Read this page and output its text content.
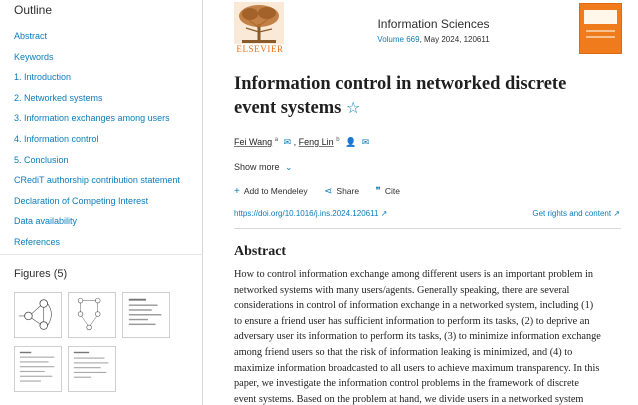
Outline
Abstract
Keywords
1. Introduction
2. Networked systems
3. Information exchanges among users
4. Information control
5. Conclusion
CRediT authorship contribution statement
Declaration of Competing Interest
Data availability
References
Figures (5)
ELSEVIER
Information Sciences
Volume 669, May 2024, 120611
Information control in networked discrete
event systems ☆
Fei Wang $^a$ ✉ , Feng Lin $^b$ 👤 ✉
Show more ⌄
+ Add to Mendeley ⋖ Share ❞ Cite
https://doi.org/10.1016/j.ins.2024.120611 ↗	Get rights and content ↗
Abstract
How to control information exchange among different users is an important problem in
networked systems with many users/agents. Generally speaking, there are several
considerations in control of information exchange in a networked system, including (1)
to ensure a friend user has sufficient information to perform its tasks, (2) to deprive an
adversary user its information to perform its tasks, (3) to minimize information exchange
among friend users so that the risk of information leaking is minimized, and (4) to
maximize information broadcasted to all users to achieve maximum transparency. In this
paper, we investigate the information control problems in the framework of discrete
event systems. Based on the problem at hand, we divide users in a networked system
